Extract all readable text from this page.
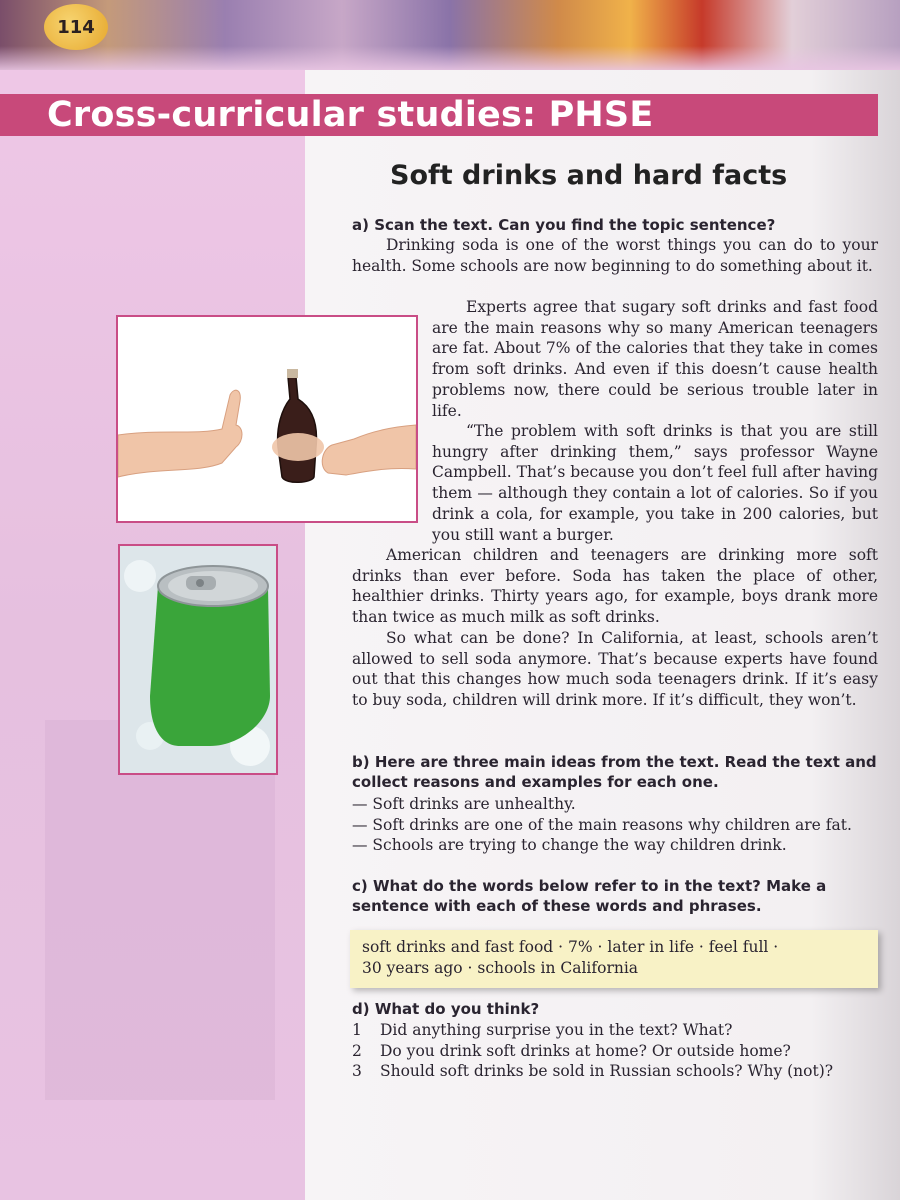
114
Cross-curricular studies: PHSE
Soft drinks and hard facts
a) Scan the text. Can you find the topic sentence?
Drinking soda is one of the worst things you can do to your health. Some schools are now beginning to do something about it.
Experts agree that sugary soft drinks and fast food are the main reasons why so many American teenagers are fat. About 7% of the calories that they take in comes from soft drinks. And even if this doesn’t cause health problems now, there could be serious trouble later in life.
“The problem with soft drinks is that you are still hungry after drinking them,” says professor Wayne Campbell. That’s because you don’t feel full after having them — although they contain a lot of calories. So if you drink a cola, for example, you take in 200 calories, but you still want a burger.
American children and teenagers are drinking more soft drinks than ever before. Soda has taken the place of other, healthier drinks. Thirty years ago, for example, boys drank more than twice as much milk as soft drinks.
So what can be done? In California, at least, schools aren’t allowed to sell soda anymore. That’s because experts have found out that this changes how much soda teenagers drink. If it’s easy to buy soda, children will drink more. If it’s difficult, they won’t.
b) Here are three main ideas from the text. Read the text and
collect reasons and examples for each one.
— Soft drinks are unhealthy.
— Soft drinks are one of the main reasons why children are fat.
— Schools are trying to change the way children drink.
c) What do the words below refer to in the text? Make a
sentence with each of these words and phrases.
soft drinks and fast food · 7% · later in life · feel full ·
30 years ago · schools in California
d) What do you think?
1 Did anything surprise you in the text? What?
2 Do you drink soft drinks at home? Or outside home?
3 Should soft drinks be sold in Russian schools? Why (not)?
